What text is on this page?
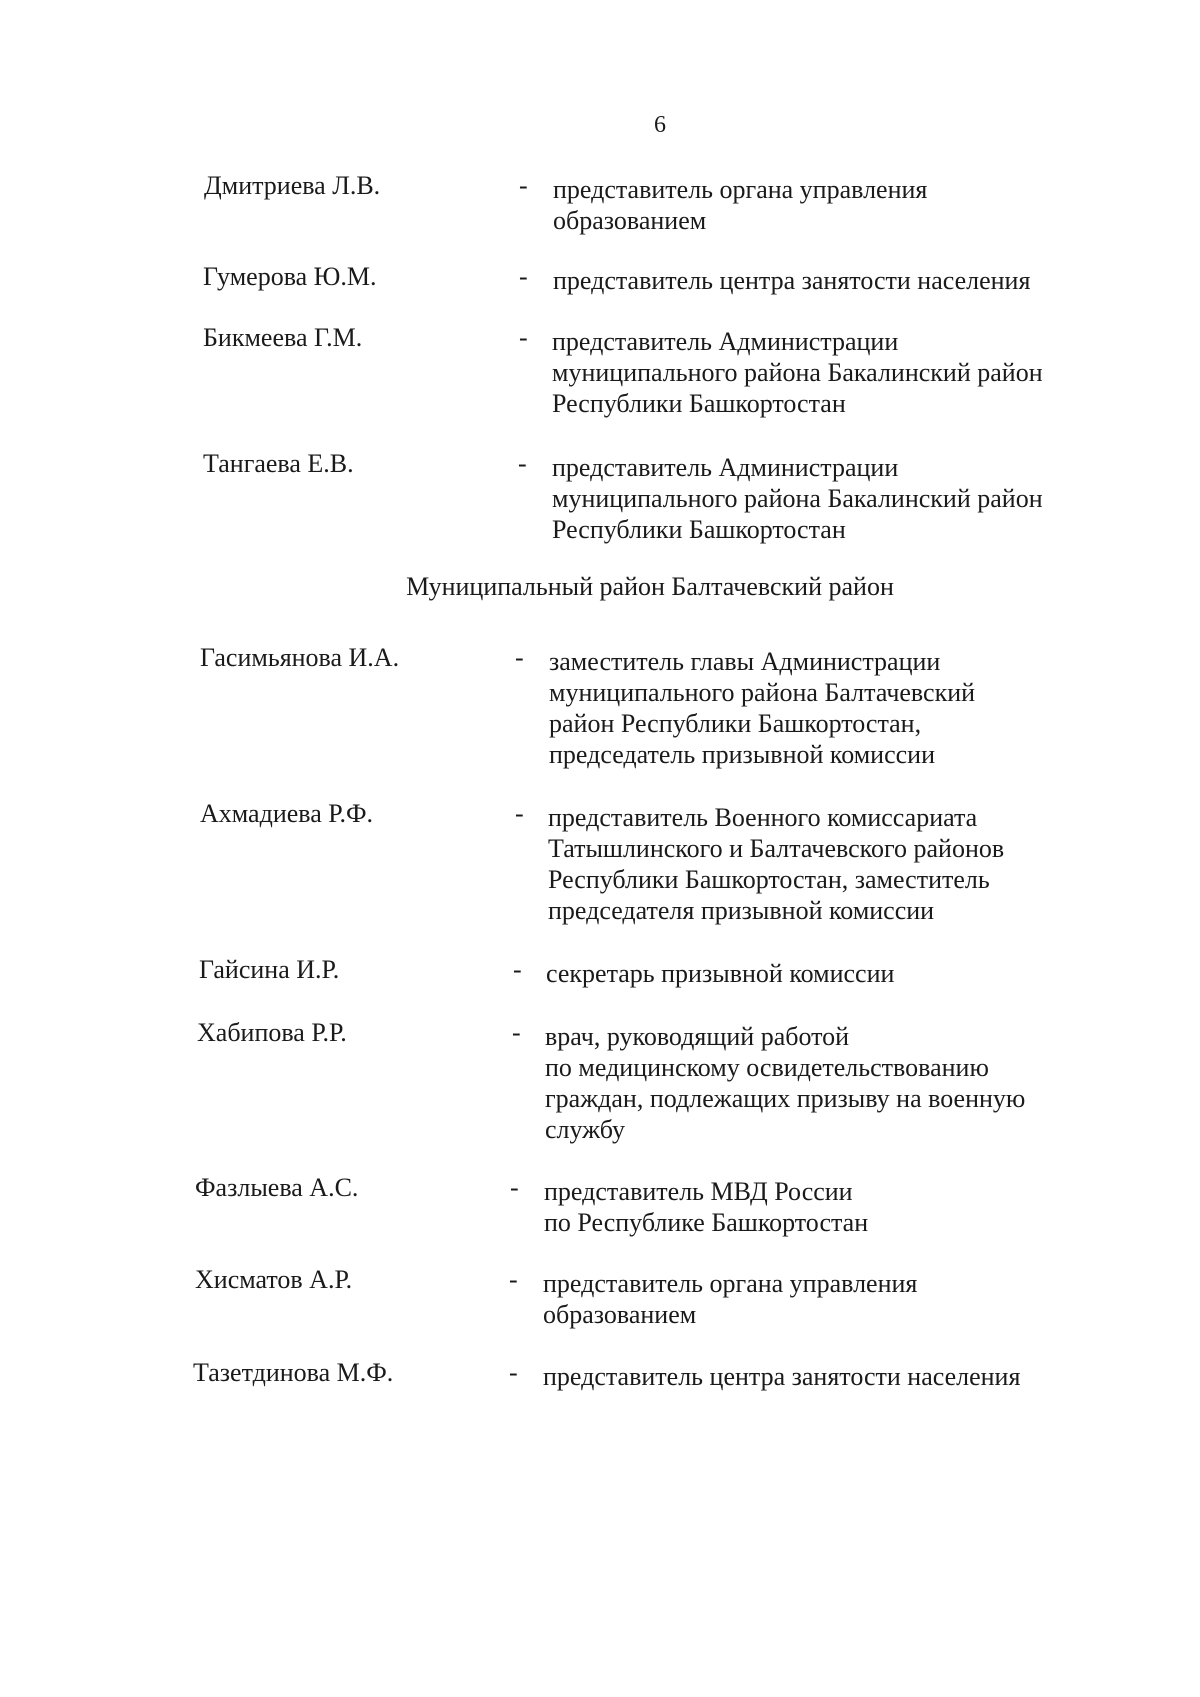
6
Дмитриева Л.В.	- представитель органа управления
образованием
Гумерова Ю.М.	- представитель центра занятости населения
Бикмеева Г.М.	- представитель Администрации
муниципального района Бакалинский район
Республики Башкортостан
Тангаева Е.В.	- представитель Администрации
муниципального района Бакалинский район
Республики Башкортостан
Муниципальный район Балтачевский район
Гасимьянова И.А.	- заместитель главы Администрации
муниципального района Балтачевский
район Республики Башкортостан,
председатель призывной комиссии
Ахмадиева Р.Ф.	- представитель Военного комиссариата
Татышлинского и Балтачевского районов
Республики Башкортостан, заместитель
председателя призывной комиссии
Гайсина И.Р.	- секретарь призывной комиссии
Хабипова Р.Р.	- врач, руководящий работой
по медицинскому освидетельствованию
граждан, подлежащих призыву на военную
службу
Фазлыева А.С.	- представитель МВД России
по Республике Башкортостан
Хисматов А.Р.	- представитель органа управления
образованием
Тазетдинова М.Ф.	- представитель центра занятости населения
